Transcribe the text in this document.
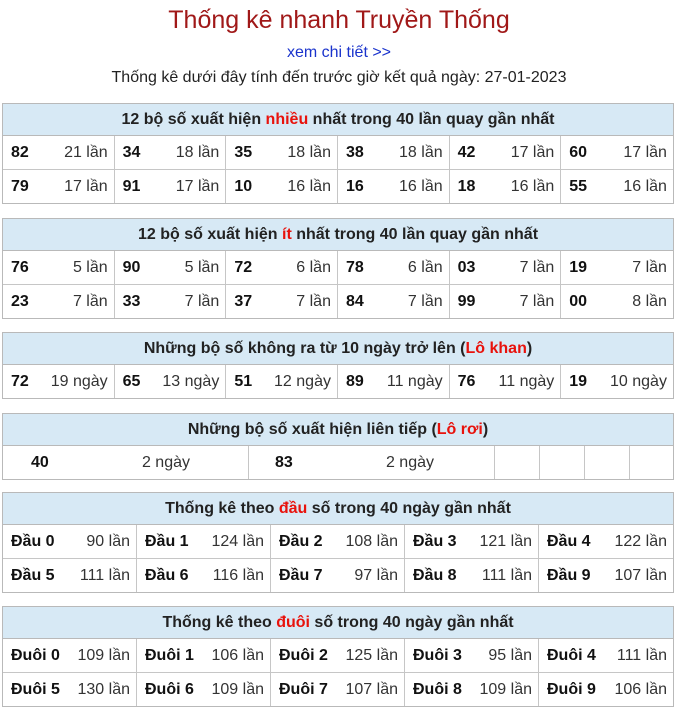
Thống kê nhanh Truyền Thống
xem chi tiết >>
Thống kê dưới đây tính đến trước giờ kết quả ngày: 27-01-2023
12 bộ số xuất hiện nhiều nhất trong 40 lần quay gần nhất
82 21 lần 34 18 lần 35 18 lần 38 18 lần 42 17 lần 60 17 lần
79 17 lần 91 17 lần 10 16 lần 16 16 lần 18 16 lần 55 16 lần
12 bộ số xuất hiện ít nhất trong 40 lần quay gần nhất
76	5 lần 90	5 lần 72	6 lần 78	6 lần 03	7 lần 19	7 lần
23	7 lần 33	7 lần 37	7 lần 84	7 lần 99	7 lần 00	8 lần
Những bộ số không ra từ 10 ngày trở lên (Lô khan)
72 19 ngày 65 13 ngày 51 12 ngày 89 11 ngày 76 11 ngày 19 10 ngày
Những bộ số xuất hiện liên tiếp (Lô rơi)
40	2 ngày	83	2 ngày
Thống kê theo đầu số trong 40 ngày gần nhất
Đầu 0 90 lần Đầu 1 124 lần Đầu 2 108 lần Đầu 3 121 lần Đầu 4 122 lần
Đầu 5 111 lần Đầu 6 116 lần Đầu 7 97 lần Đầu 8 111 lần Đầu 9 107 lần
Thống kê theo đuôi số trong 40 ngày gần nhất
Đuôi 0 109 lần Đuôi 1 106 lần Đuôi 2 125 lần Đuôi 3 95 lần Đuôi 4 111 lần
Đuôi 5 130 lần Đuôi 6 109 lần Đuôi 7 107 lần Đuôi 8 109 lần Đuôi 9 106 lần
